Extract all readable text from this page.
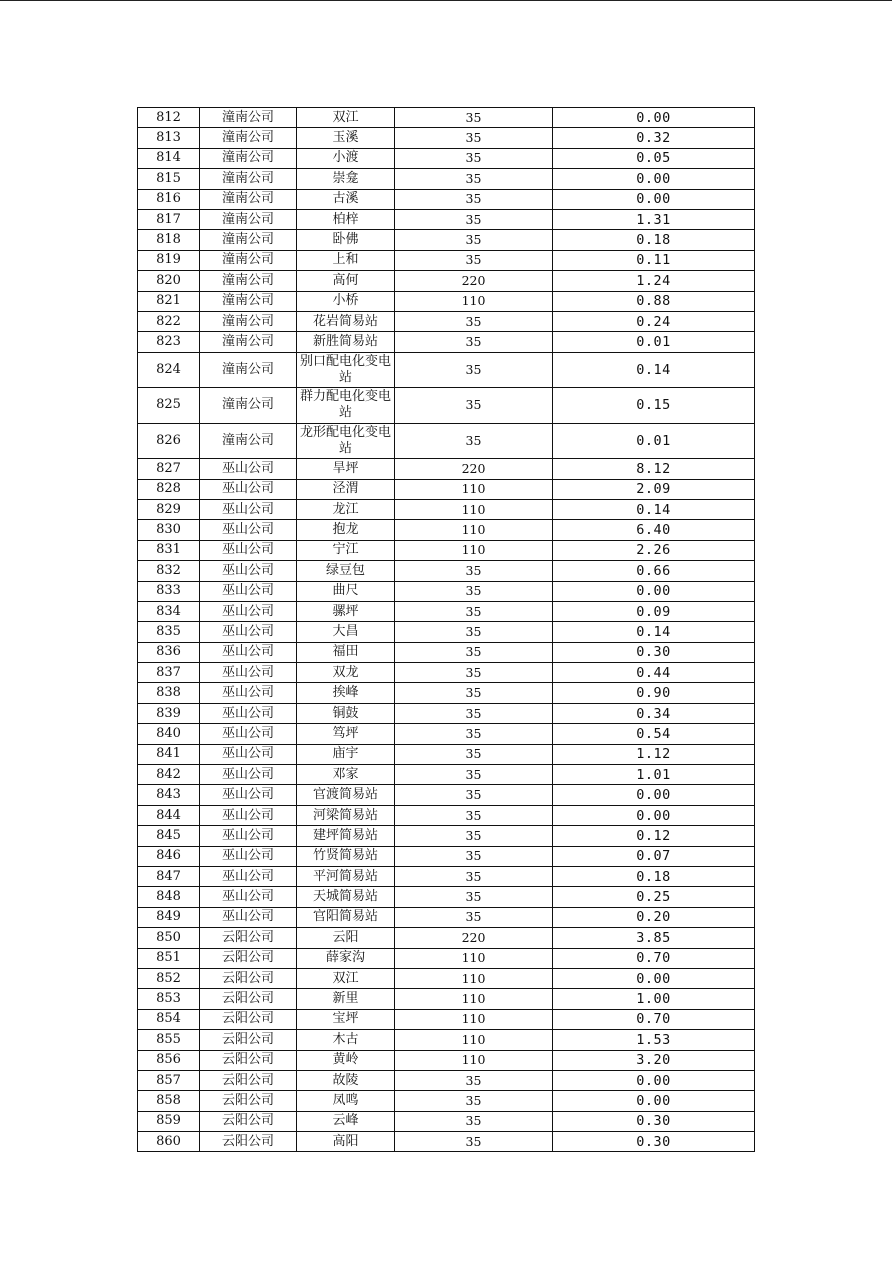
812	潼南公司	双江	35	0.00
813	潼南公司	玉溪	35	0.32
814	潼南公司	小渡	35	0.05
815	潼南公司	崇龛	35	0.00
816	潼南公司	古溪	35	0.00
817	潼南公司	柏梓	35	1.31
818	潼南公司	卧佛	35	0.18
819	潼南公司	上和	35	0.11
820	潼南公司	高何	220	1.24
821	潼南公司	小桥	110	0.88
822	潼南公司	花岩简易站	35	0.24
823	潼南公司	新胜简易站	35	0.01
824	潼南公司	别口配电化变电站	35	0.14
825	潼南公司	群力配电化变电站	35	0.15
826	潼南公司	龙形配电化变电站	35	0.01
827	巫山公司	旱坪	220	8.12
828	巫山公司	泾渭	110	2.09
829	巫山公司	龙江	110	0.14
830	巫山公司	抱龙	110	6.40
831	巫山公司	宁江	110	2.26
832	巫山公司	绿豆包	35	0.66
833	巫山公司	曲尺	35	0.00
834	巫山公司	骡坪	35	0.09
835	巫山公司	大昌	35	0.14
836	巫山公司	福田	35	0.30
837	巫山公司	双龙	35	0.44
838	巫山公司	挨峰	35	0.90
839	巫山公司	铜鼓	35	0.34
840	巫山公司	笃坪	35	0.54
841	巫山公司	庙宇	35	1.12
842	巫山公司	邓家	35	1.01
843	巫山公司	官渡简易站	35	0.00
844	巫山公司	河梁简易站	35	0.00
845	巫山公司	建坪简易站	35	0.12
846	巫山公司	竹贤简易站	35	0.07
847	巫山公司	平河简易站	35	0.18
848	巫山公司	天城简易站	35	0.25
849	巫山公司	官阳简易站	35	0.20
850	云阳公司	云阳	220	3.85
851	云阳公司	薛家沟	110	0.70
852	云阳公司	双江	110	0.00
853	云阳公司	新里	110	1.00
854	云阳公司	宝坪	110	0.70
855	云阳公司	木古	110	1.53
856	云阳公司	黄岭	110	3.20
857	云阳公司	故陵	35	0.00
858	云阳公司	凤鸣	35	0.00
859	云阳公司	云峰	35	0.30
860	云阳公司	高阳	35	0.30
